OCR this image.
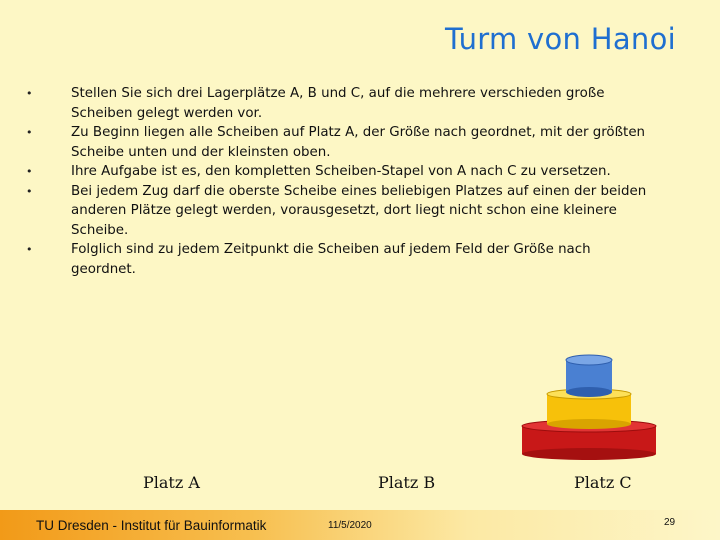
Turm von Hanoi
• Stellen Sie sich drei Lagerplätze A, B und C, auf die mehrere verschieden große Scheiben gelegt werden vor.
• Zu Beginn liegen alle Scheiben auf Platz A, der Größe nach geordnet, mit der größten Scheibe unten und der kleinsten oben.
• Ihre Aufgabe ist es, den kompletten Scheiben-Stapel von A nach C zu versetzen.
• Bei jedem Zug darf die oberste Scheibe eines beliebigen Platzes auf einen der beiden anderen Plätze gelegt werden, vorausgesetzt, dort liegt nicht schon eine kleinere Scheibe.
• Folglich sind zu jedem Zeitpunkt die Scheiben auf jedem Feld der Größe nach geordnet.
Platz A	Platz B	Platz C
TU Dresden - Institut für Bauinformatik	11/5/2020	29
